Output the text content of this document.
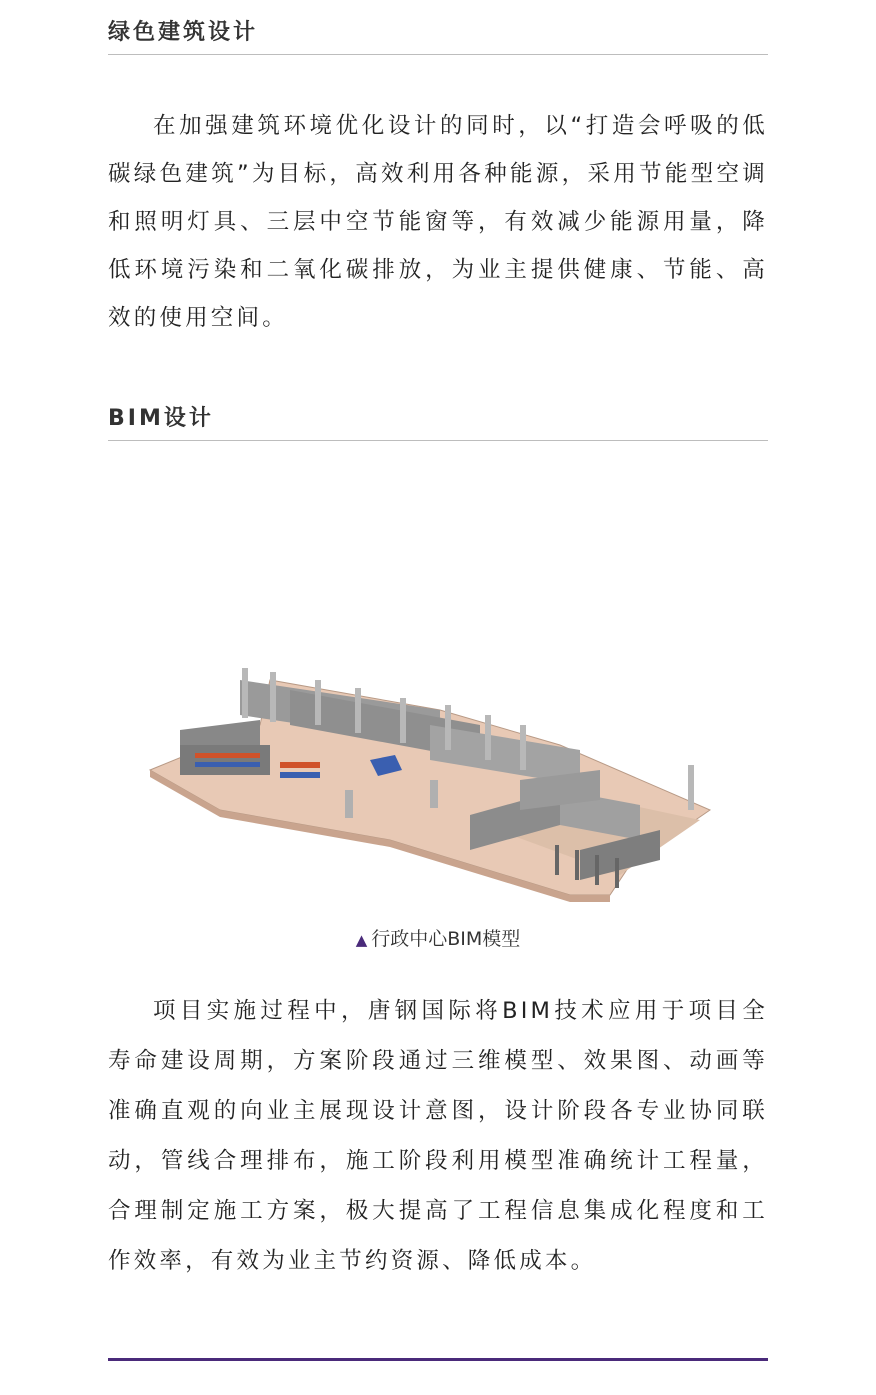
绿色建筑设计

在加强建筑环境优化设计的同时，以“打造会呼吸的低碳绿色建筑”为目标，高效利用各种能源，采用节能型空调和照明灯具、三层中空节能窗等，有效减少能源用量，降低环境污染和二氧化碳排放，为业主提供健康、节能、高效的使用空间。

BIM设计
▲ 行政中心BIM模型

项目实施过程中，唐钢国际将BIM技术应用于项目全寿命建设周期，方案阶段通过三维模型、效果图、动画等准确直观的向业主展现设计意图，设计阶段各专业协同联动，管线合理排布，施工阶段利用模型准确统计工程量，合理制定施工方案，极大提高了工程信息集成化程度和工作效率，有效为业主节约资源、降低成本。
